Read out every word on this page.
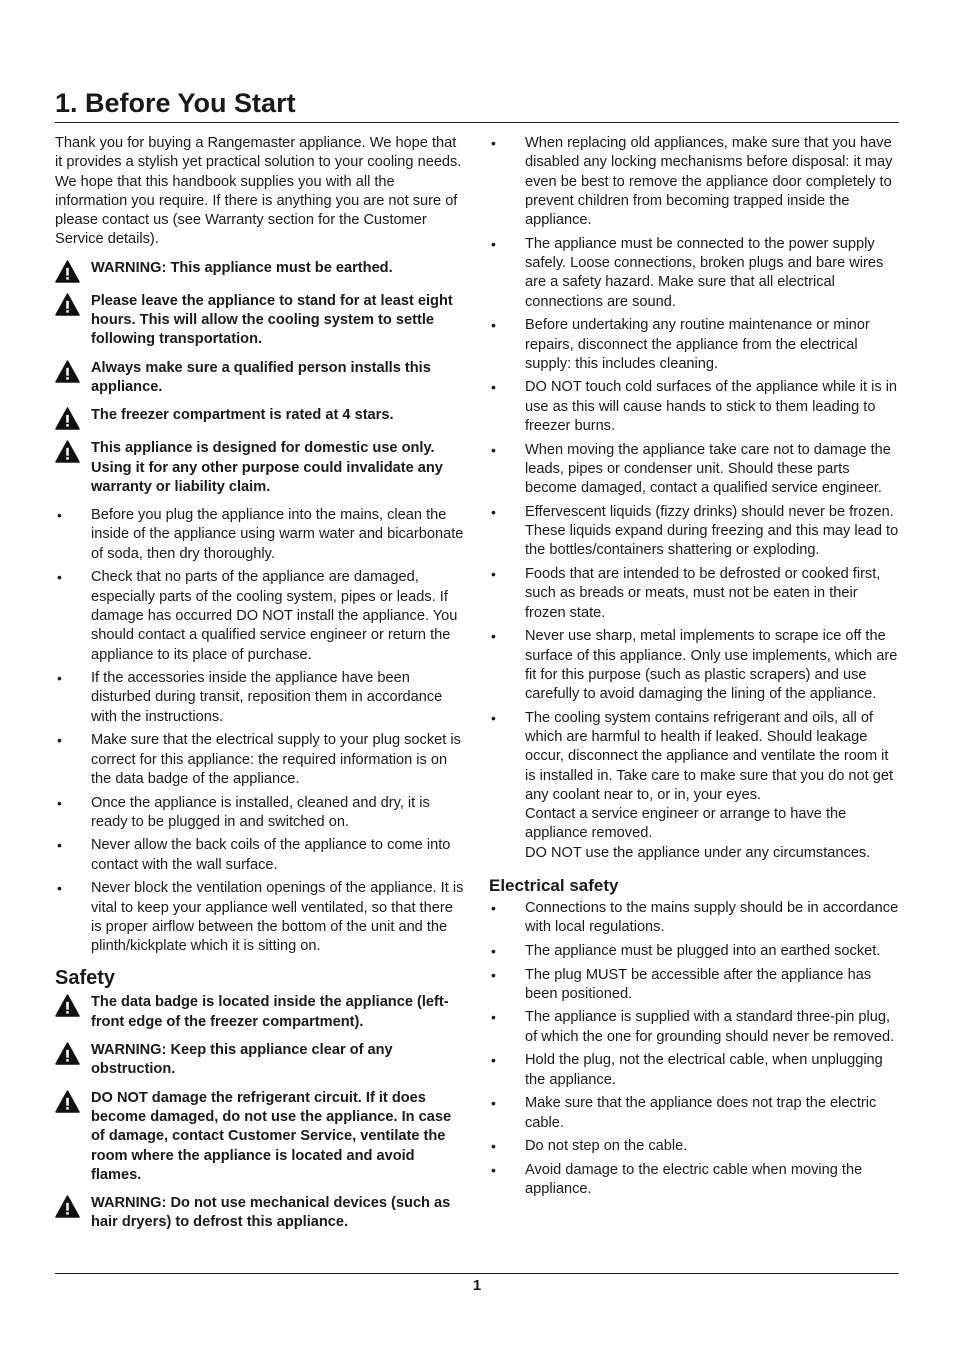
1. Before You Start

Thank you for buying a Rangemaster appliance. We hope that it provides a stylish yet practical solution to your cooling needs. We hope that this handbook supplies you with all the information you require. If there is anything you are not sure of please contact us (see Warranty section for the Customer Service details).

WARNING: This appliance must be earthed.
Please leave the appliance to stand for at least eight hours. This will allow the cooling system to settle following transportation.
Always make sure a qualified person installs this appliance.
The freezer compartment is rated at 4 stars.
This appliance is designed for domestic use only. Using it for any other purpose could invalidate any warranty or liability claim.
•	Before you plug the appliance into the mains, clean the inside of the appliance using warm water and bicarbonate of soda, then dry thoroughly.
•	Check that no parts of the appliance are damaged, especially parts of the cooling system, pipes or leads. If damage has occurred DO NOT install the appliance. You should contact a qualified service engineer or return the appliance to its place of purchase.
•	If the accessories inside the appliance have been disturbed during transit, reposition them in accordance with the instructions.
•	Make sure that the electrical supply to your plug socket is correct for this appliance: the required information is on the data badge of the appliance.
•	Once the appliance is installed, cleaned and dry, it is ready to be plugged in and switched on.
•	Never allow the back coils of the appliance to come into contact with the wall surface.
•	Never block the ventilation openings of the appliance. It is vital to keep your appliance well ventilated, so that there is proper airflow between the bottom of the unit and the plinth/kickplate which it is sitting on.
Safety
The data badge is located inside the appliance (left-front edge of the freezer compartment).
WARNING: Keep this appliance clear of any obstruction.
DO NOT damage the refrigerant circuit. If it does become damaged, do not use the appliance. In case of damage, contact Customer Service, ventilate the room where the appliance is located and avoid flames.
WARNING: Do not use mechanical devices (such as hair dryers) to defrost this appliance.
•	When replacing old appliances, make sure that you have disabled any locking mechanisms before disposal: it may even be best to remove the appliance door completely to prevent children from becoming trapped inside the appliance.
•	The appliance must be connected to the power supply safely. Loose connections, broken plugs and bare wires are a safety hazard. Make sure that all electrical connections are sound.
•	Before undertaking any routine maintenance or minor repairs, disconnect the appliance from the electrical supply: this includes cleaning.
•	DO NOT touch cold surfaces of the appliance while it is in use as this will cause hands to stick to them leading to freezer burns.
•	When moving the appliance take care not to damage the leads, pipes or condenser unit. Should these parts become damaged, contact a qualified service engineer.
•	Effervescent liquids (fizzy drinks) should never be frozen. These liquids expand during freezing and this may lead to the bottles/containers shattering or exploding.
•	Foods that are intended to be defrosted or cooked first, such as breads or meats, must not be eaten in their frozen state.
•	Never use sharp, metal implements to scrape ice off the surface of this appliance. Only use implements, which are fit for this purpose (such as plastic scrapers) and use carefully to avoid damaging the lining of the appliance.
•	The cooling system contains refrigerant and oils, all of which are harmful to health if leaked. Should leakage occur, disconnect the appliance and ventilate the room it is installed in. Take care to make sure that you do not get any coolant near to, or in, your eyes.
Contact a service engineer or arrange to have the appliance removed.
DO NOT use the appliance under any circumstances.
Electrical safety
•	Connections to the mains supply should be in accordance with local regulations.
•	The appliance must be plugged into an earthed socket.
•	The plug MUST be accessible after the appliance has been positioned.
•	The appliance is supplied with a standard three-pin plug, of which the one for grounding should never be removed.
•	Hold the plug, not the electrical cable, when unplugging the appliance.
•	Make sure that the appliance does not trap the electric cable.
•	Do not step on the cable.
•	Avoid damage to the electric cable when moving the appliance.
1
